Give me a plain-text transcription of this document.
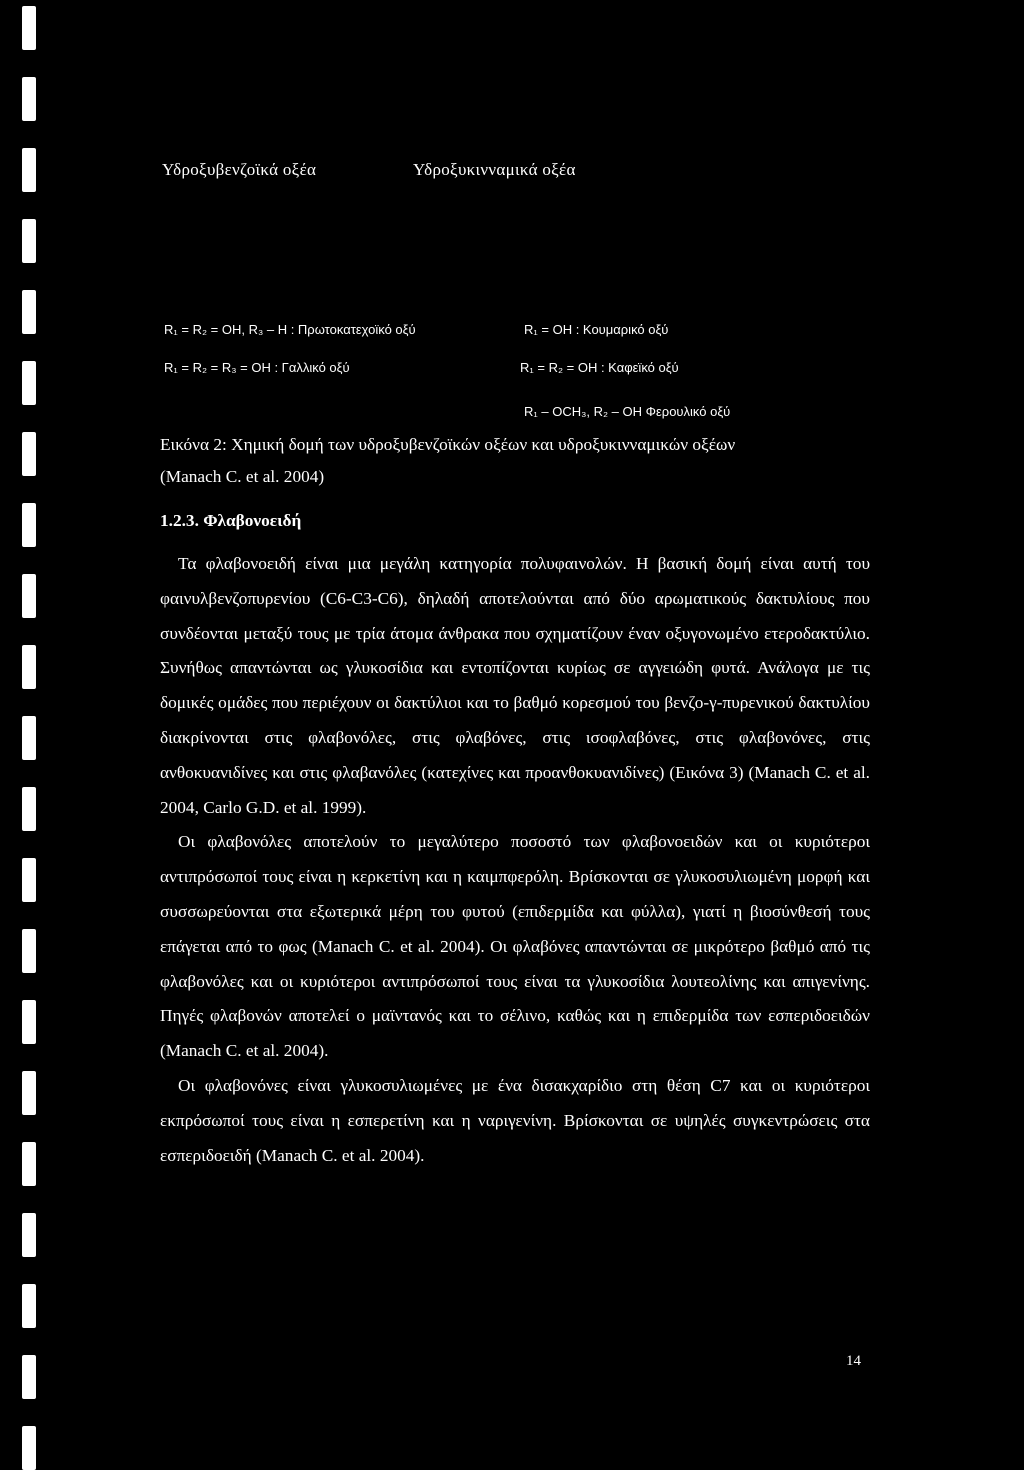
Υδροξυβενζοϊκά οξέα	Υδροξυκινναμικά οξέα
R₁ = R₂ = OH, R₃ – H : Πρωτοκατεχοϊκό οξύ
R₁ = R₂ = R₃ = OH : Γαλλικό οξύ
R₁ = OH : Κουμαρικό οξύ
R₁ = R₂ = OH : Καφεϊκό οξύ
R₁ – OCH₃, R₂ – OH Φερουλικό οξύ
Εικόνα 2: Χημική δομή των υδροξυβενζοϊκών οξέων και υδροξυκινναμικών οξέων
(Manach C. et al. 2004)
1.2.3. Φλαβονοειδή

Τα φλαβονοειδή είναι μια μεγάλη κατηγορία πολυφαινολών. Η βασική δομή είναι αυτή του φαινυλβενζοπυρενίου (C6-C3-C6), δηλαδή αποτελούνται από δύο αρωματικούς δακτυλίους που συνδέονται μεταξύ τους με τρία άτομα άνθρακα που σχηματίζουν έναν οξυγονωμένο ετεροδακτύλιο. Συνήθως απαντώνται ως γλυκοσίδια και εντοπίζονται κυρίως σε αγγειώδη φυτά. Ανάλογα με τις δομικές ομάδες που περιέχουν οι δακτύλιοι και το βαθμό κορεσμού του βενζο-γ-πυρενικού δακτυλίου διακρίνονται στις φλαβονόλες, στις φλαβόνες, στις ισοφλαβόνες, στις φλαβονόνες, στις ανθοκυανιδίνες και στις φλαβανόλες (κατεχίνες και προανθοκυανιδίνες) (Εικόνα 3) (Manach C. et al. 2004, Carlo G.D. et al. 1999).

Οι φλαβονόλες αποτελούν το μεγαλύτερο ποσοστό των φλαβονοειδών και οι κυριότεροι αντιπρόσωποί τους είναι η κερκετίνη και η καιμπφερόλη. Βρίσκονται σε γλυκοσυλιωμένη μορφή και συσσωρεύονται στα εξωτερικά μέρη του φυτού (επιδερμίδα και φύλλα), γιατί η βιοσύνθεσή τους επάγεται από το φως (Manach C. et al. 2004). Οι φλαβόνες απαντώνται σε μικρότερο βαθμό από τις φλαβονόλες και οι κυριότεροι αντιπρόσωποί τους είναι τα γλυκοσίδια λουτεολίνης και απιγενίνης. Πηγές φλαβονών αποτελεί ο μαϊντανός και το σέλινο, καθώς και η επιδερμίδα των εσπεριδοειδών (Manach C. et al. 2004).

Οι φλαβονόνες είναι γλυκοσυλιωμένες με ένα δισακχαρίδιο στη θέση C7 και οι κυριότεροι εκπρόσωποί τους είναι η εσπερετίνη και η ναριγενίνη. Βρίσκονται σε υψηλές συγκεντρώσεις στα εσπεριδοειδή (Manach C. et al. 2004).

14
